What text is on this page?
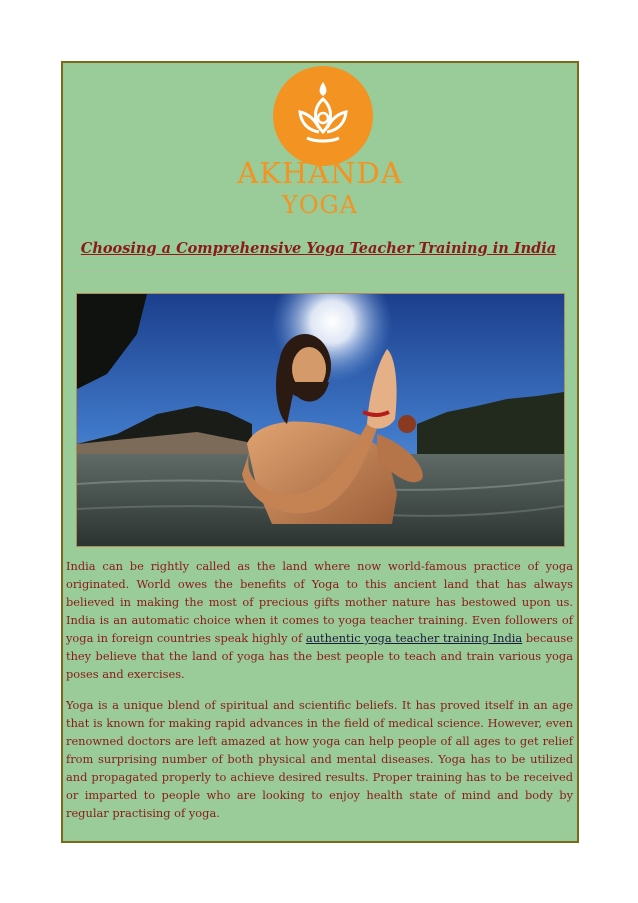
AKHANDA
YOGA
Choosing a Comprehensive Yoga Teacher Training in India

India can be rightly called as the land where now world-famous practice of yoga originated. World owes the benefits of Yoga to this ancient land that has always believed in making the most of precious gifts mother nature has bestowed upon us. India is an automatic choice when it comes to yoga teacher training. Even followers of yoga in foreign countries speak highly of authentic yoga teacher training India because they believe that the land of yoga has the best people to teach and train various yoga poses and exercises.

Yoga is a unique blend of spiritual and scientific beliefs. It has proved itself in an age that is known for making rapid advances in the field of medical science. However, even renowned doctors are left amazed at how yoga can help people of all ages to get relief from surprising number of both physical and mental diseases. Yoga has to be utilized and propagated properly to achieve desired results. Proper training has to be received or imparted to people who are looking to enjoy health state of mind and body by regular practising of yoga.
